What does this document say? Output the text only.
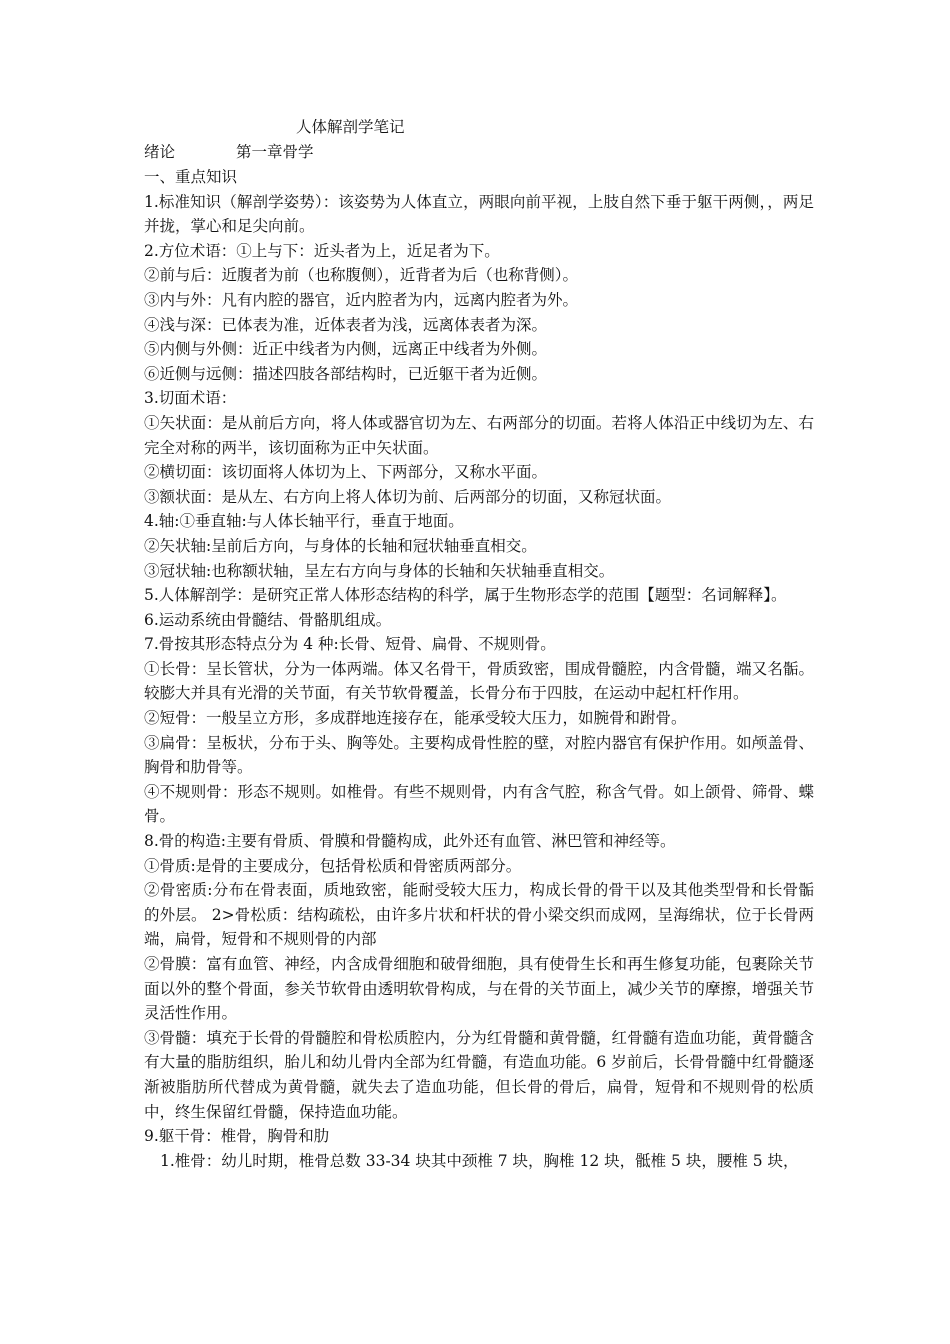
人体解剖学笔记
绪论	第一章骨学

一、重点知识

1.标准知识（解剖学姿势）：该姿势为人体直立，两眼向前平视，上肢自然下垂于躯干两侧，，两足并拢，掌心和足尖向前。

2.方位术语：①上与下：近头者为上，近足者为下。

②前与后：近腹者为前（也称腹侧），近背者为后（也称背侧）。

③内与外：凡有内腔的器官，近内腔者为内，远离内腔者为外。

④浅与深：已体表为准，近体表者为浅，远离体表者为深。

⑤内侧与外侧：近正中线者为内侧，远离正中线者为外侧。

⑥近侧与远侧：描述四肢各部结构时，已近躯干者为近侧。

3.切面术语：

①矢状面：是从前后方向，将人体或器官切为左、右两部分的切面。若将人体沿正中线切为左、右完全对称的两半，该切面称为正中矢状面。

②横切面：该切面将人体切为上、下两部分，又称水平面。

③额状面：是从左、右方向上将人体切为前、后两部分的切面，又称冠状面。

4.轴:①垂直轴:与人体长轴平行，垂直于地面。

②矢状轴:呈前后方向，与身体的长轴和冠状轴垂直相交。

③冠状轴:也称额状轴，呈左右方向与身体的长轴和矢状轴垂直相交。

5.人体解剖学：是研究正常人体形态结构的科学，属于生物形态学的范围【题型：名词解释】。

6.运动系统由骨髓结、骨骼肌组成。

7.骨按其形态特点分为 4 种:长骨、短骨、扁骨、不规则骨。

①长骨：呈长管状，分为一体两端。体又名骨干，骨质致密，围成骨髓腔，内含骨髓，端又名骺。较膨大并具有光滑的关节面，有关节软骨覆盖，长骨分布于四肢，在运动中起杠杆作用。

②短骨：一般呈立方形，多成群地连接存在，能承受较大压力，如腕骨和跗骨。

③扁骨：呈板状，分布于头、胸等处。主要构成骨性腔的壁，对腔内器官有保护作用。如颅盖骨、胸骨和肋骨等。

④不规则骨：形态不规则。如椎骨。有些不规则骨，内有含气腔，称含气骨。如上颌骨、筛骨、蝶骨。

8.骨的构造:主要有骨质、骨膜和骨髓构成，此外还有血管、淋巴管和神经等。

①骨质:是骨的主要成分，包括骨松质和骨密质两部分。

②骨密质:分布在骨表面，质地致密，能耐受较大压力，构成长骨的骨干以及其他类型骨和长骨骺的外层。 2>骨松质：结构疏松，由许多片状和杆状的骨小梁交织而成网，呈海绵状，位于长骨两端，扁骨，短骨和不规则骨的内部

②骨膜：富有血管、神经，内含成骨细胞和破骨细胞，具有使骨生长和再生修复功能，包裹除关节面以外的整个骨面，参关节软骨由透明软骨构成，与在骨的关节面上，减少关节的摩擦，增强关节灵活性作用。

③骨髓：填充于长骨的骨髓腔和骨松质腔内，分为红骨髓和黄骨髓，红骨髓有造血功能，黄骨髓含有大量的脂肪组织，胎儿和幼儿骨内全部为红骨髓，有造血功能。6 岁前后，长骨骨髓中红骨髓逐渐被脂肪所代替成为黄骨髓，就失去了造血功能，但长骨的骨后，扁骨，短骨和不规则骨的松质中，终生保留红骨髓，保持造血功能。

9.躯干骨：椎骨，胸骨和肋

1.椎骨：幼儿时期，椎骨总数 33-34 块其中颈椎 7 块，胸椎 12 块，骶椎 5 块，腰椎 5 块，
